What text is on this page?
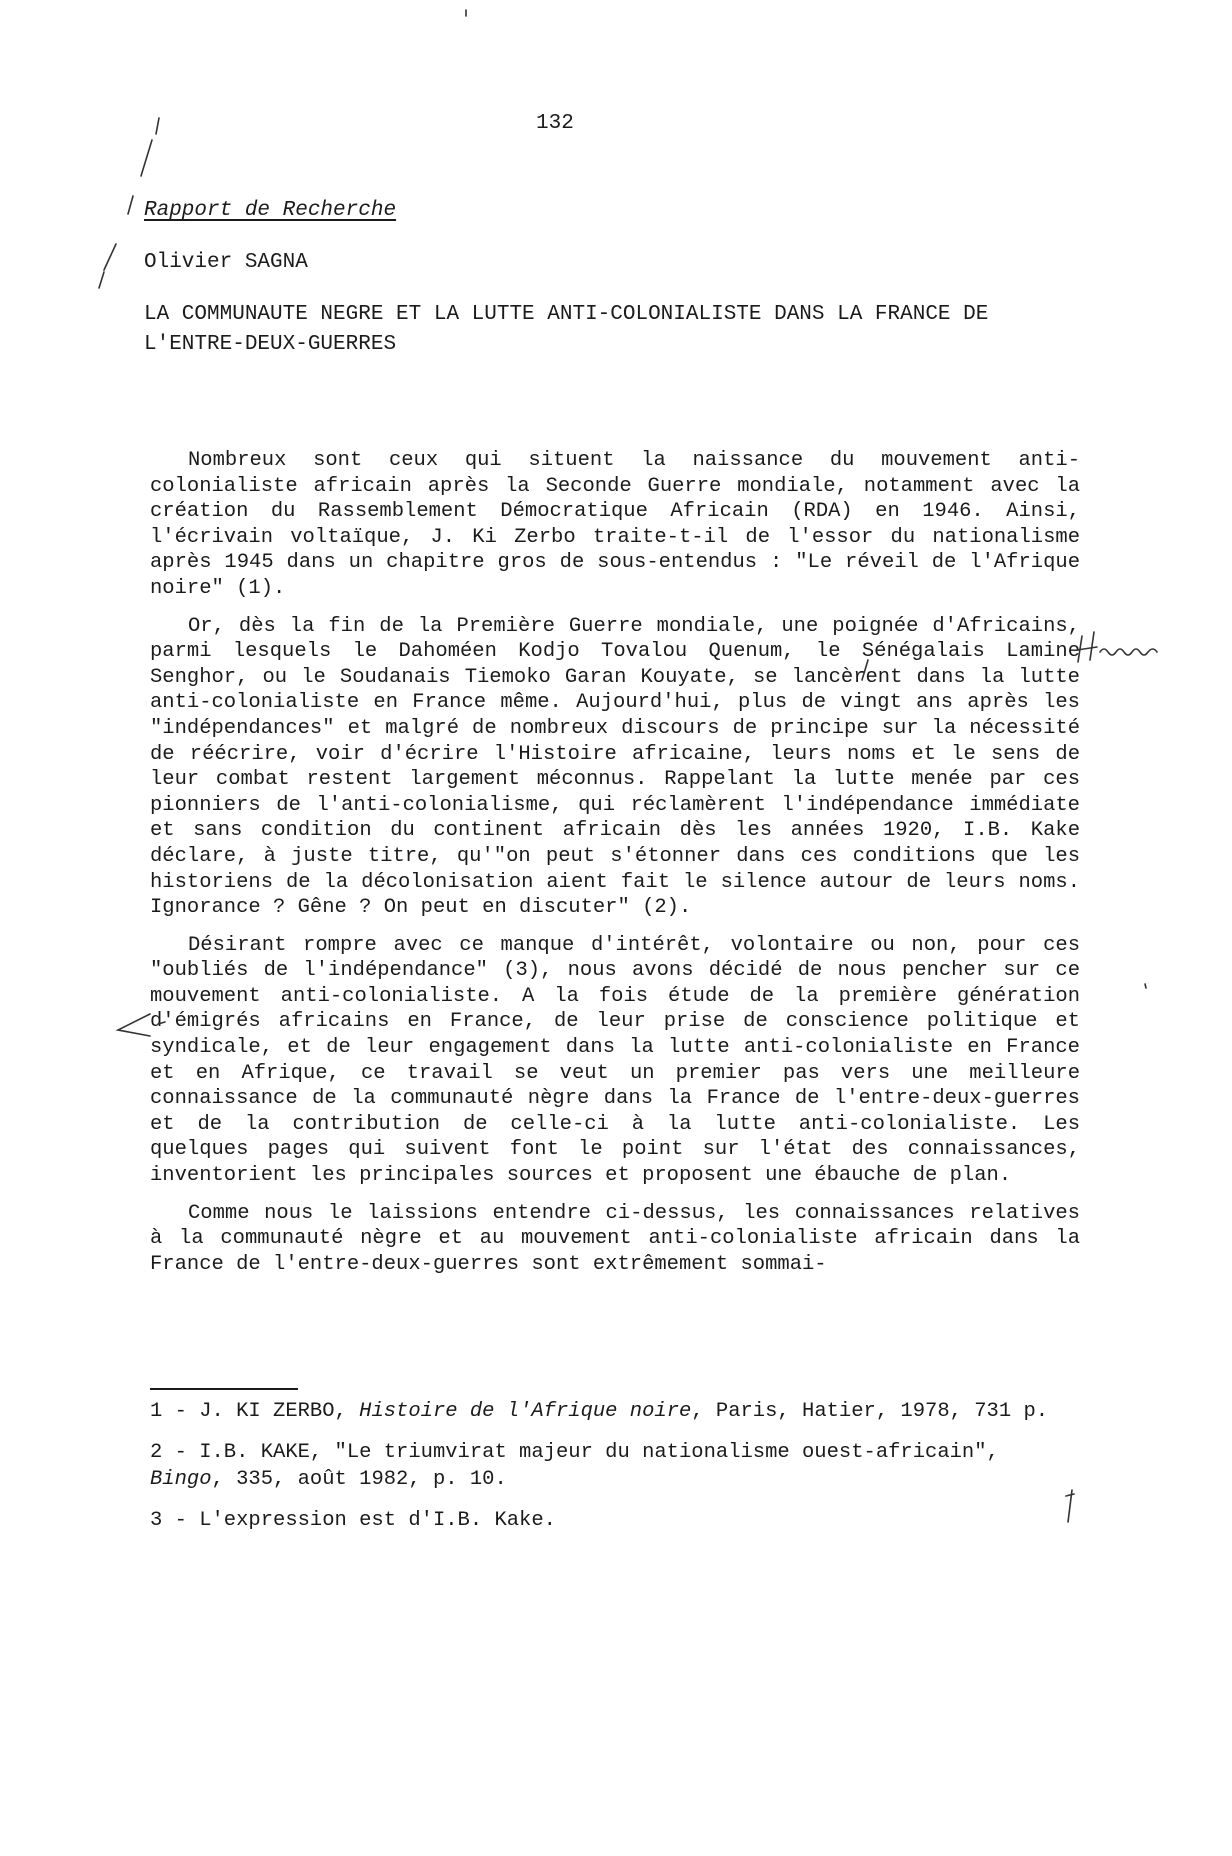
132
Rapport de Recherche
Olivier SAGNA
LA COMMUNAUTE NEGRE ET LA LUTTE ANTI-COLONIALISTE DANS LA FRANCE DE
L'ENTRE-DEUX-GUERRES

Nombreux sont ceux qui situent la naissance du mouvement anti-colonialiste africain après la Seconde Guerre mondiale, notamment avec la création du Rassemblement Démocratique Africain (RDA) en 1946. Ainsi, l'écrivain voltaïque, J. Ki Zerbo traite-t-il de l'essor du nationalisme après 1945 dans un chapitre gros de sous-entendus : "Le réveil de l'Afrique noire" (1).

Or, dès la fin de la Première Guerre mondiale, une poignée d'Africains, parmi lesquels le Dahoméen Kodjo Tovalou Quenum, le Sénégalais Lamine Senghor, ou le Soudanais Tiemoko Garan Kouyate, se lancèrent dans la lutte anti-colonialiste en France même. Aujourd'hui, plus de vingt ans après les "indépendances" et malgré de nombreux discours de principe sur la nécessité de réécrire, voir d'écrire l'Histoire africaine, leurs noms et le sens de leur combat restent largement méconnus. Rappelant la lutte menée par ces pionniers de l'anti-colonialisme, qui réclamèrent l'indépendance immédiate et sans condition du continent africain dès les années 1920, I.B. Kake déclare, à juste titre, qu'"on peut s'étonner dans ces conditions que les historiens de la décolonisation aient fait le silence autour de leurs noms. Ignorance ? Gêne ? On peut en discuter" (2).

Désirant rompre avec ce manque d'intérêt, volontaire ou non, pour ces "oubliés de l'indépendance" (3), nous avons décidé de nous pencher sur ce mouvement anti-colonialiste. A la fois étude de la première génération d'émigrés africains en France, de leur prise de conscience politique et syndicale, et de leur engagement dans la lutte anti-colonialiste en France et en Afrique, ce travail se veut un premier pas vers une meilleure connaissance de la communauté nègre dans la France de l'entre-deux-guerres et de la contribution de celle-ci à la lutte anti-colonialiste. Les quelques pages qui suivent font le point sur l'état des connaissances, inventorient les principales sources et proposent une ébauche de plan.

Comme nous le laissions entendre ci-dessus, les connaissances relatives à la communauté nègre et au mouvement anti-colonialiste africain dans la France de l'entre-deux-guerres sont extrêmement sommai-

1 - J. KI ZERBO, Histoire de l'Afrique noire, Paris, Hatier, 1978, 731 p.
2 - I.B. KAKE, "Le triumvirat majeur du nationalisme ouest-africain", Bingo, 335, août 1982, p. 10.
3 - L'expression est d'I.B. Kake.
